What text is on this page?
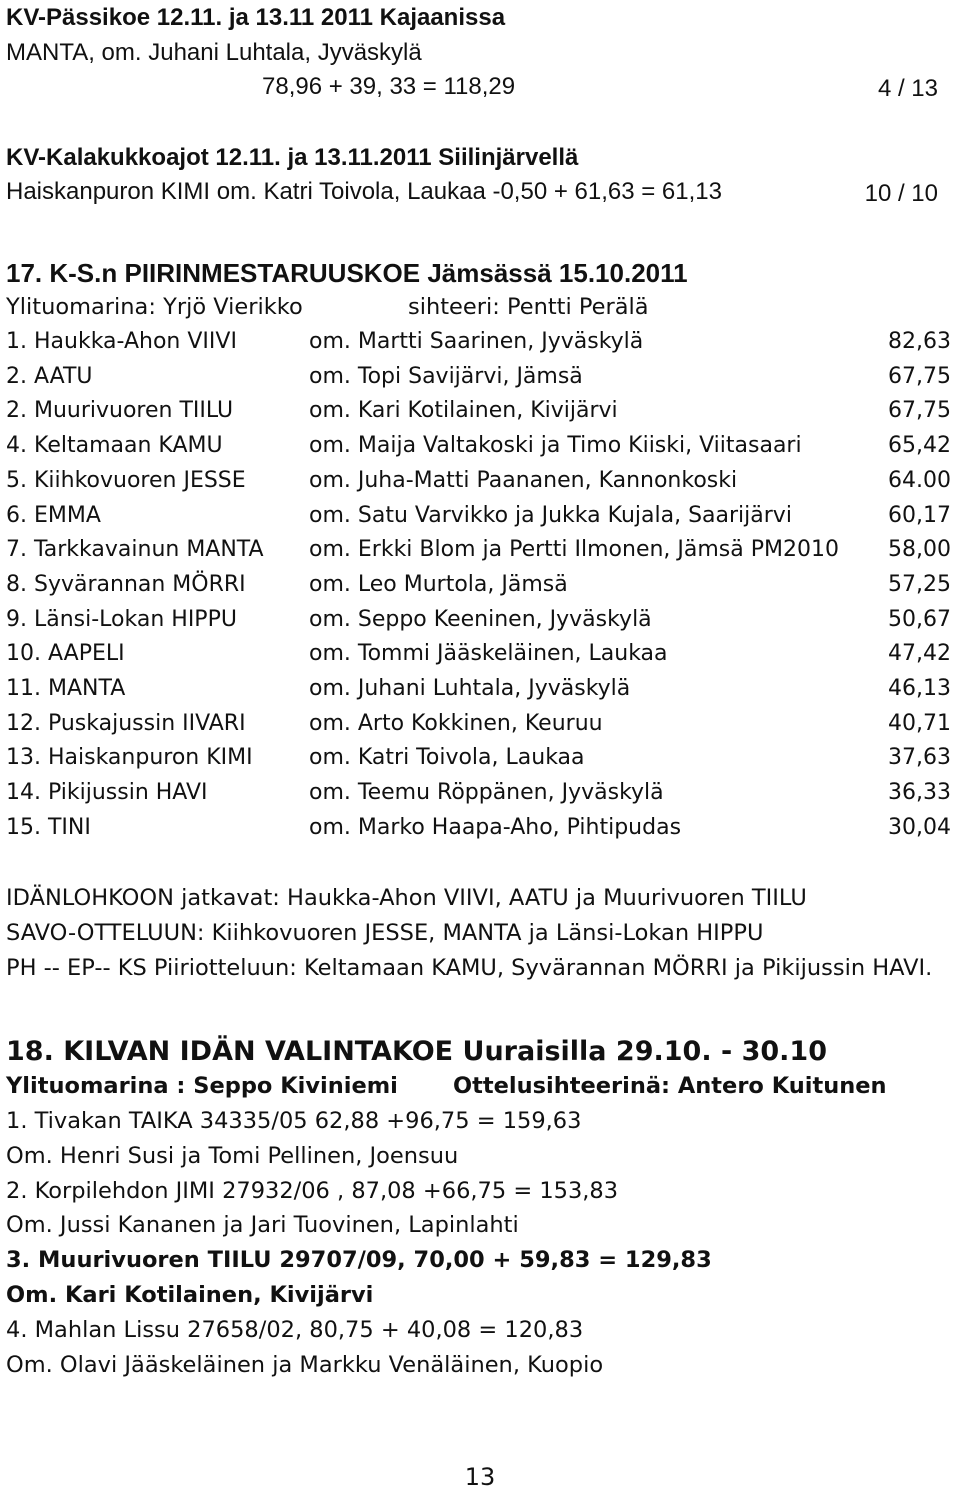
KV-Pässikoe 12.11. ja 13.11 2011 Kajaanissa
MANTA, om. Juhani Luhtala, Jyväskylä
78,96 + 39, 33 = 118,29	4 / 13
KV-Kalakukkoajot 12.11. ja 13.11.2011 Siilinjärvellä
Haiskanpuron KIMI om. Katri Toivola, Laukaa -0,50 + 61,63 = 61,13	10 / 10
17. K-S.n PIIRINMESTARUUSKOE Jämsässä 15.10.2011
Ylituomarina: Yrjö Vierikko	sihteeri: Pentti Perälä
1. Haukka-Ahon VIIVI	om. Martti Saarinen, Jyväskylä	82,63
2. AATU	om. Topi Savijärvi, Jämsä	67,75
2. Muurivuoren TIILU	om. Kari Kotilainen, Kivijärvi	67,75
4. Keltamaan KAMU	om. Maija Valtakoski ja Timo Kiiski, Viitasaari	65,42
5. Kiihkovuoren JESSE	om. Juha-Matti Paananen, Kannonkoski	64.00
6. EMMA	om. Satu Varvikko ja Jukka Kujala, Saarijärvi	60,17
7. Tarkkavainun MANTA om. Erkki Blom ja Pertti Ilmonen, Jämsä PM2010 58,00
8. Syvärannan MÖRRI	om. Leo Murtola, Jämsä	57,25
9. Länsi-Lokan HIPPU	om. Seppo Keeninen, Jyväskylä	50,67
10. AAPELI	om. Tommi Jääskeläinen, Laukaa	47,42
11. MANTA	om. Juhani Luhtala, Jyväskylä	46,13
12. Puskajussin IIVARI	om. Arto Kokkinen, Keuruu	40,71
13. Haiskanpuron KIMI	om. Katri Toivola, Laukaa	37,63
14. Pikijussin HAVI	om. Teemu Röppänen, Jyväskylä	36,33
15. TINI	om. Marko Haapa-Aho, Pihtipudas	30,04
IDÄNLOHKOON jatkavat: Haukka-Ahon VIIVI, AATU ja Muurivuoren TIILU
SAVO-OTTELUUN: Kiihkovuoren JESSE, MANTA ja Länsi-Lokan HIPPU
PH -- EP-- KS Piiriotteluun: Keltamaan KAMU, Syvärannan MÖRRI ja Pikijussin HAVI.
18. KILVAN IDÄN VALINTAKOE Uuraisilla 29.10. - 30.10
Ylituomarina : Seppo Kiviniemi Ottelusihteerinä: Antero Kuitunen
1. Tivakan TAIKA 34335/05 62,88 +96,75 = 159,63
Om. Henri Susi ja Tomi Pellinen, Joensuu
2. Korpilehdon JIMI 27932/06 , 87,08 +66,75 = 153,83
Om. Jussi Kananen ja Jari Tuovinen, Lapinlahti
3. Muurivuoren TIILU 29707/09, 70,00 + 59,83 = 129,83
Om. Kari Kotilainen, Kivijärvi
4. Mahlan Lissu 27658/02, 80,75 + 40,08 = 120,83
Om. Olavi Jääskeläinen ja Markku Venäläinen, Kuopio
13
